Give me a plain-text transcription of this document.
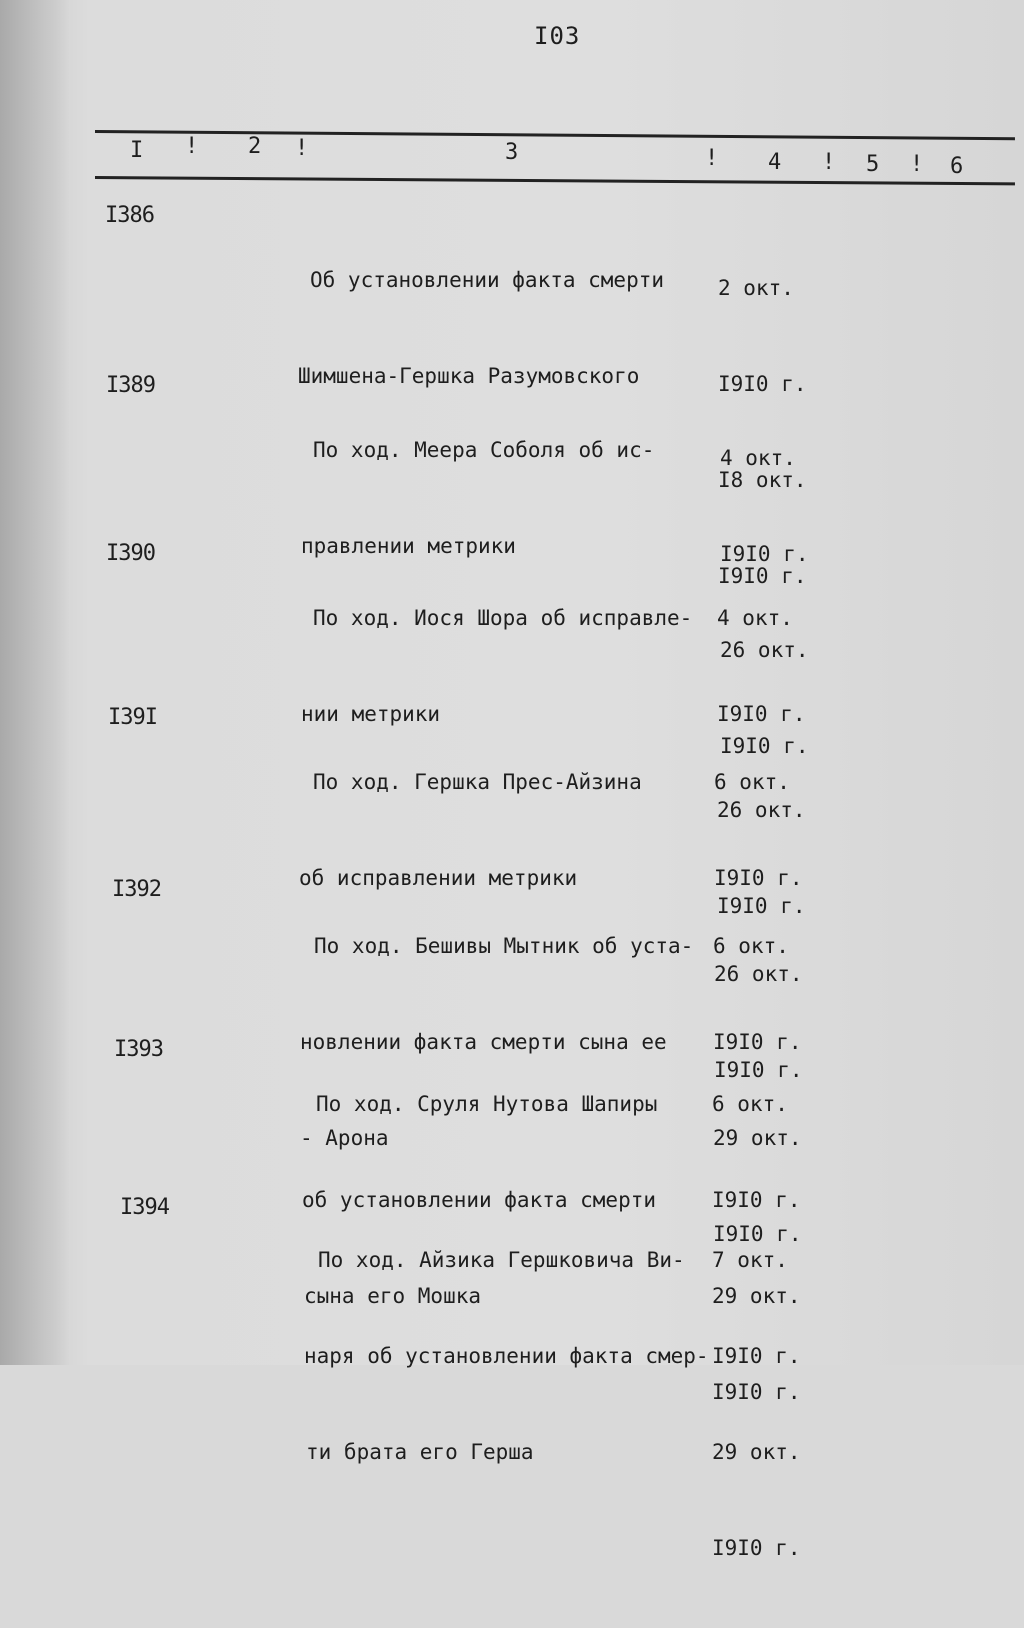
I03
I ! 2 !	3	! 4 ! 5 ! 6
I386

Об установлении факта смерти

Шимшена-Гершка Разумовского

2 окт.

I9I0 г.

I8 окт.

I9I0 г.

I389

По ход. Меера Соболя об ис-

правлении метрики

4 окт.

I9I0 г.

26 окт.

I9I0 г.

I390

По ход. Иося Шора об исправле-

нии метрики

4 окт.

I9I0 г.

26 окт.

I9I0 г.

I39I

По ход. Гершка Прес-Айзина

об исправлении метрики

6 окт.

I9I0 г.

26 окт.

I9I0 г.

I392

По ход. Бешивы Мытник об уста-

новлении факта смерти сына ее

- Арона

6 окт.

I9I0 г.

29 окт.

I9I0 г.

I393

По ход. Сруля Нутова Шапиры

об установлении факта смерти

сына его Мошка

6 окт.

I9I0 г.

29 окт.

I9I0 г.

I394

По ход. Айзика Гершковича Ви-

наря об установлении факта смер-

ти брата его Герша

7 окт.

I9I0 г.

29 окт.

I9I0 г.
